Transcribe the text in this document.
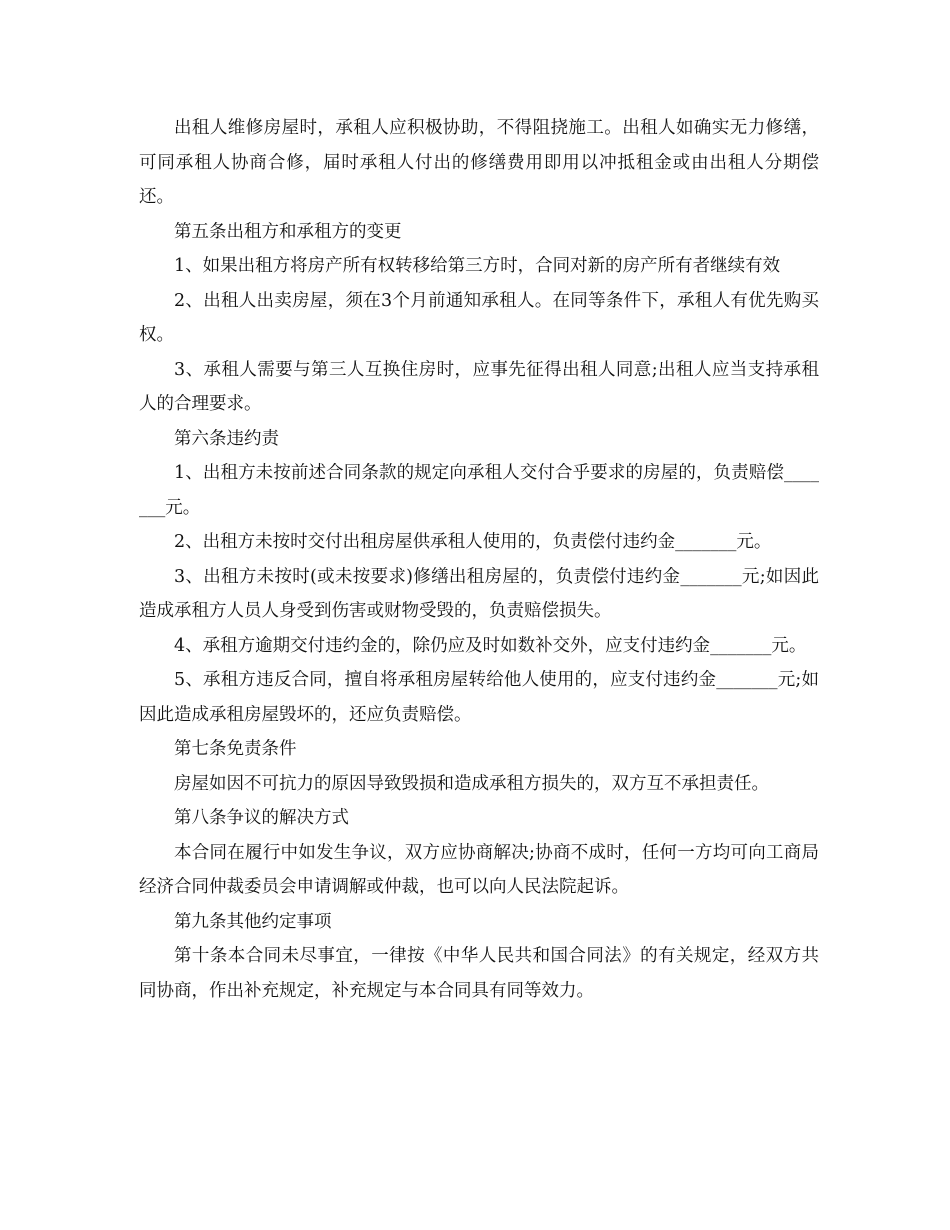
出租人维修房屋时，承租人应积极协助，不得阻挠施工。出租人如确实无力修缮，可同承租人协商合修，届时承租人付出的修缮费用即用以冲抵租金或由出租人分期偿还。

第五条出租方和承租方的变更

1、如果出租方将房产所有权转移给第三方时，合同对新的房产所有者继续有效

2、出租人出卖房屋，须在3个月前通知承租人。在同等条件下，承租人有优先购买权。

3、承租人需要与第三人互换住房时，应事先征得出租人同意;出租人应当支持承租人的合理要求。

第六条违约责

1、出租方未按前述合同条款的规定向承租人交付合乎要求的房屋的，负责赔偿_______元。

2、出租方未按时交付出租房屋供承租人使用的，负责偿付违约金_______元。

3、出租方未按时(或未按要求)修缮出租房屋的，负责偿付违约金_______元;如因此造成承租方人员人身受到伤害或财物受毁的，负责赔偿损失。

4、承租方逾期交付违约金的，除仍应及时如数补交外，应支付违约金_______元。

5、承租方违反合同，擅自将承租房屋转给他人使用的，应支付违约金_______元;如因此造成承租房屋毁坏的，还应负责赔偿。

第七条免责条件

房屋如因不可抗力的原因导致毁损和造成承租方损失的，双方互不承担责任。

第八条争议的解决方式

本合同在履行中如发生争议，双方应协商解决;协商不成时，任何一方均可向工商局经济合同仲裁委员会申请调解或仲裁，也可以向人民法院起诉。

第九条其他约定事项

第十条本合同未尽事宜，一律按《中华人民共和国合同法》的有关规定，经双方共同协商，作出补充规定，补充规定与本合同具有同等效力。
